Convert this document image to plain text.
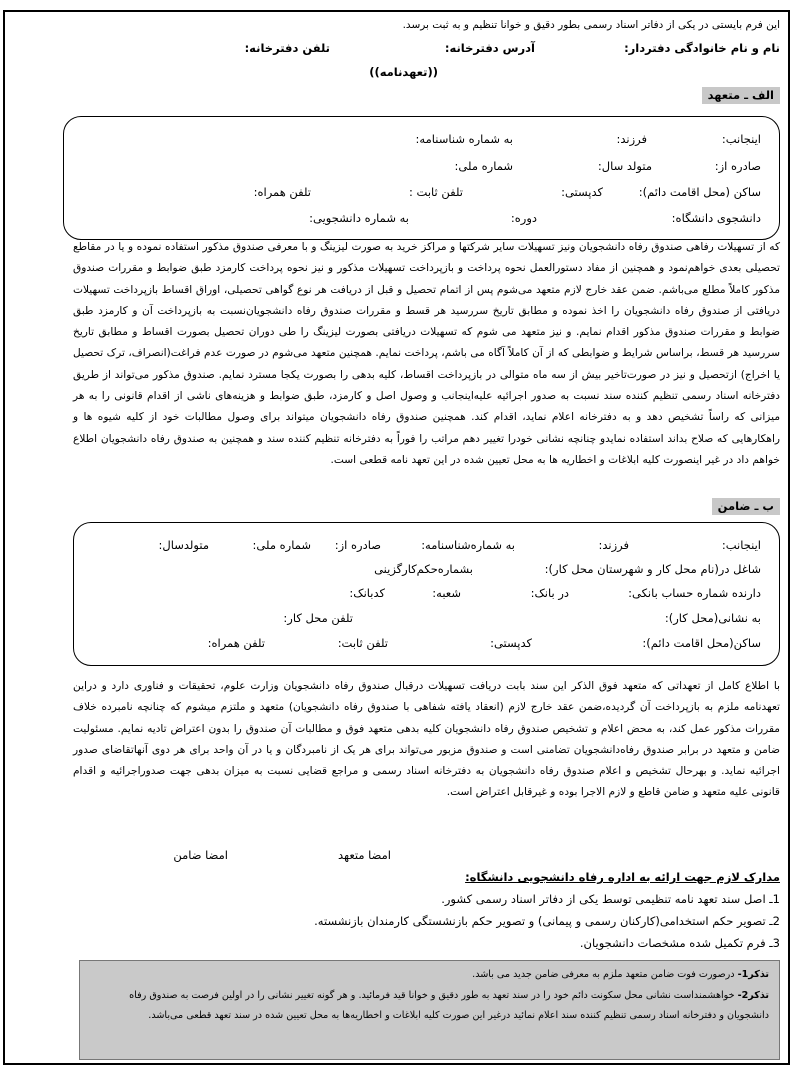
این فرم بایستی در یکی از دفاتر اسناد رسمی بطور دقیق و خوانا تنظیم و به ثبت برسد.
نام و نام خانوادگی دفتردار:
آدرس دفترخانه:
تلفن دفترخانه:
((تعهدنامه))
الف ـ متعهد
اینجانب:
فرزند:
به شماره شناسنامه:
صادره از:
متولد سال:
شماره ملی:
ساکن (محل اقامت دائم):
کدپستی:
تلفن ثابت :
تلفن همراه:
دانشجوی دانشگاه:
دوره:
به شماره دانشجویی:

که از تسهیلات رفاهی صندوق رفاه دانشجویان ونیز تسهیلات سایر شرکتها و مراکز خرید به صورت لیزینگ و با معرفی صندوق مذکور استفاده نموده و یا در مقاطع تحصیلی بعدی خواهم‌نمود و همچنین از مفاد دستورالعمل نحوه پرداخت و بازپرداخت تسهیلات مذکور و نیز نحوه پرداخت کارمزد طبق ضوابط و مقررات صندوق مذکور کاملاً مطلع می‌باشم. ضمن عقد خارج لازم متعهد می‌شوم پس از اتمام تحصیل و قبل از دریافت هر نوع گواهی تحصیلی، اوراق اقساط بازپرداخت تسهیلات دریافتی از صندوق رفاه دانشجویان را اخذ نموده و مطابق تاریخ سررسید هر قسط و مقررات صندوق رفاه دانشجویان‌نسبت به بازپرداخت آن و کارمزد طبق ضوابط و مقررات صندوق مذکور اقدام نمایم. و نیز متعهد می شوم که تسهیلات دریافتی بصورت لیزینگ را طی دوران تحصیل بصورت اقساط و مطابق تاریخ سررسید هر قسط، براساس شرایط و ضوابطی که از آن کاملاً آگاه می باشم، پرداخت نمایم. همچنین متعهد می‌شوم در صورت عدم فراغت(انصراف، ترک تحصیل یا اخراج) ازتحصیل و نیز در صورت‌تاخیر بیش از سه ماه متوالی در بازپرداخت اقساط، کلیه بدهی را بصورت یکجا مسترد نمایم. صندوق مذکور می‌تواند از طریق دفترخانه اسناد رسمی تنظیم کننده سند نسبت به صدور اجرائیه علیه‌اینجانب و وصول اصل و کارمزد، طبق ضوابط و هزینه‌های ناشی از اقدام قانونی را به هر میزانی که راساً تشخیص دهد و به دفترخانه اعلام نماید، اقدام کند. همچنین صندوق رفاه دانشجویان میتواند برای وصول مطالبات خود از کلیه شیوه ها و راهکارهایی که صلاح بداند استفاده نمایدو چنانچه نشانی خودرا تغییر دهم مراتب را فوراً به دفترخانه تنظیم کننده سند و همچنین به صندوق رفاه دانشجویان اطلاع خواهم داد در غیر اینصورت کلیه ابلاغات و اخطاریه ها به محل تعیین شده در این تعهد نامه قطعی است.

ب ـ ضامن
اینجانب:
فرزند:
به شماره‌شناسنامه:
صادره از:
شماره ملی:
متولدسال:
شاغل در(نام محل کار و شهرستان محل کار):
بشماره‌حکم‌کارگزینی
دارنده شماره حساب بانکی:
در بانک:
شعبه:
کدبانک:
به نشانی(محل کار):
تلفن محل کار:
ساکن(محل اقامت دائم):
کدپستی:
تلفن ثابت:
تلفن همراه:

با اطلاع کامل از تعهداتی که متعهد فوق الذکر این سند بابت دریافت تسهیلات درقبال صندوق رفاه دانشجویان وزارت علوم، تحقیقات و فناوری دارد و دراین تعهدنامه ملزم به بازپرداخت آن گردیده،ضمن عقد خارج لازم (انعقاد یافته شفاهی با صندوق رفاه دانشجویان) متعهد و ملتزم میشوم که چنانچه نامبرده خلاف مقررات مذکور عمل کند، به محض اعلام و تشخیص صندوق رفاه دانشجویان کلیه بدهی متعهد فوق و مطالبات آن صندوق را بدون اعتراض تادیه نمایم. مسئولیت ضامن و متعهد در برابر صندوق رفاه‌دانشجویان تضامنی است و صندوق مزبور می‌تواند برای هر یک از نامبردگان و یا در آن واحد برای هر دوی آنهاتقاضای صدور اجرائیه نماید. و بهرحال تشخیص و اعلام صندوق رفاه دانشجویان به دفترخانه اسناد رسمی و مراجع قضایی نسبت به میزان بدهی جهت صدوراجرائیه و اقدام قانونی علیه متعهد و ضامن قاطع و لازم الاجرا بوده و غیرقابل اعتراض است.

امضا متعهد
امضا ضامن
مدارک لازم جهت ارائه به اداره رفاه دانشجویی دانشگاه:
1ـ اصل سند تعهد نامه تنظیمی توسط یکی از دفاتر اسناد رسمی کشور.
2ـ تصویر حکم استخدامی(کارکنان رسمی و پیمانی) و تصویر حکم بازنشستگی کارمندان بازنشسته.
3ـ فرم تکمیل شده مشخصات دانشجویان.

تذکر1- درصورت فوت ضامن متعهد ملزم به معرفی ضامن جدید می باشد.

تذکر2- خواهشمنداست نشانی محل سکونت دائم خود را در سند تعهد به طور دقیق و خوانا قید فرمائید. و هر گونه تغییر نشانی را در اولین فرصت به صندوق رفاه دانشجویان و دفترخانه اسناد رسمی تنظیم کننده سند اعلام نمائید درغیر این صورت کلیه ابلاغات و اخطاریه‌ها به محل تعیین شده در سند تعهد قطعی می‌باشد.
